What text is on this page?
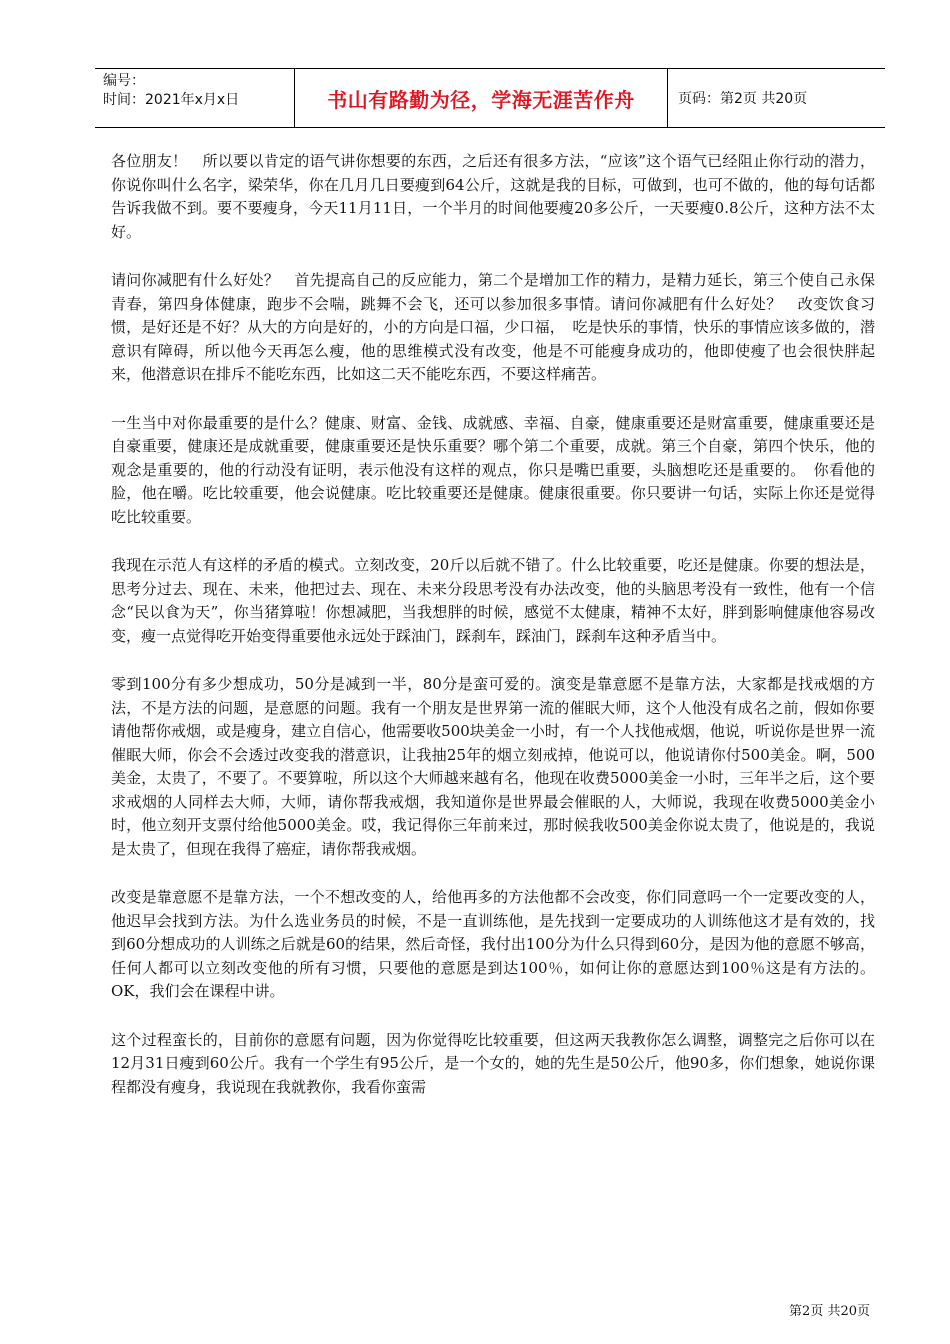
编号：
时间：2021年x月x日	书山有路勤为径，学海无涯苦作舟	页码：第2页 共20页

各位朋友！　所以要以肯定的语气讲你想要的东西，之后还有很多方法，“应该”这个语气已经阻止你行动的潜力，你说你叫什么名字，梁荣华，你在几月几日要瘦到64公斤，这就是我的目标，可做到，也可不做的，他的每句话都告诉我做不到。要不要瘦身，今天11月11日，一个半月的时间他要瘦20多公斤，一天要瘦0.8公斤，这种方法不太好。

请问你减肥有什么好处？　首先提高自己的反应能力，第二个是增加工作的精力，是精力延长，第三个使自己永保青春，第四身体健康，跑步不会喘，跳舞不会飞，还可以参加很多事情。请问你减肥有什么好处？　改变饮食习惯，是好还是不好？从大的方向是好的，小的方向是口福，少口福，　吃是快乐的事情，快乐的事情应该多做的，潜意识有障碍，所以他今天再怎么瘦，他的思维模式没有改变，他是不可能瘦身成功的，他即使瘦了也会很快胖起来，他潜意识在排斥不能吃东西，比如这二天不能吃东西，不要这样痛苦。

一生当中对你最重要的是什么？健康、财富、金钱、成就感、幸福、自豪，健康重要还是财富重要，健康重要还是自豪重要，健康还是成就重要，健康重要还是快乐重要？哪个第二个重要，成就。第三个自豪，第四个快乐，他的观念是重要的，他的行动没有证明，表示他没有这样的观点，你只是嘴巴重要，头脑想吃还是重要的。　你看他的脸，他在嚼。吃比较重要，他会说健康。吃比较重要还是健康。健康很重要。你只要讲一句话，实际上你还是觉得吃比较重要。

我现在示范人有这样的矛盾的模式。立刻改变，20斤以后就不错了。什么比较重要，吃还是健康。你要的想法是，思考分过去、现在、未来，他把过去、现在、未来分段思考没有办法改变，他的头脑思考没有一致性，他有一个信念“民以食为天”，你当猪算啦！你想减肥，当我想胖的时候，感觉不太健康，精神不太好，胖到影响健康他容易改变，瘦一点觉得吃开始变得重要他永远处于踩油门，踩刹车，踩油门，踩刹车这种矛盾当中。

零到100分有多少想成功，50分是减到一半，80分是蛮可爱的。演变是靠意愿不是靠方法，大家都是找戒烟的方法，不是方法的问题，是意愿的问题。我有一个朋友是世界第一流的催眠大师，这个人他没有成名之前，假如你要请他帮你戒烟，或是瘦身，建立自信心，他需要收500块美金一小时，有一个人找他戒烟，他说，听说你是世界一流催眠大师，你会不会透过改变我的潜意识，让我抽25年的烟立刻戒掉，他说可以，他说请你付500美金。啊，500美金，太贵了，不要了。不要算啦，所以这个大师越来越有名，他现在收费5000美金一小时，三年半之后，这个要求戒烟的人同样去大师，大师，请你帮我戒烟，我知道你是世界最会催眠的人，大师说，我现在收费5000美金小时，他立刻开支票付给他5000美金。哎，我记得你三年前来过，那时候我收500美金你说太贵了，他说是的，我说是太贵了，但现在我得了癌症，请你帮我戒烟。

改变是靠意愿不是靠方法，一个不想改变的人，给他再多的方法他都不会改变，你们同意吗一个一定要改变的人，他迟早会找到方法。为什么选业务员的时候，不是一直训练他，是先找到一定要成功的人训练他这才是有效的，找到60分想成功的人训练之后就是60的结果，然后奇怪，我付出100分为什么只得到60分，是因为他的意愿不够高，任何人都可以立刻改变他的所有习惯，只要他的意愿是到达100％，如何让你的意愿达到100％这是有方法的。OK，我们会在课程中讲。

这个过程蛮长的，目前你的意愿有问题，因为你觉得吃比较重要，但这两天我教你怎么调整，调整完之后你可以在12月31日瘦到60公斤。我有一个学生有95公斤，是一个女的，她的先生是50公斤，他90多，你们想象，她说你课程都没有瘦身，我说现在我就教你，我看你蛮需

第2页 共20页
